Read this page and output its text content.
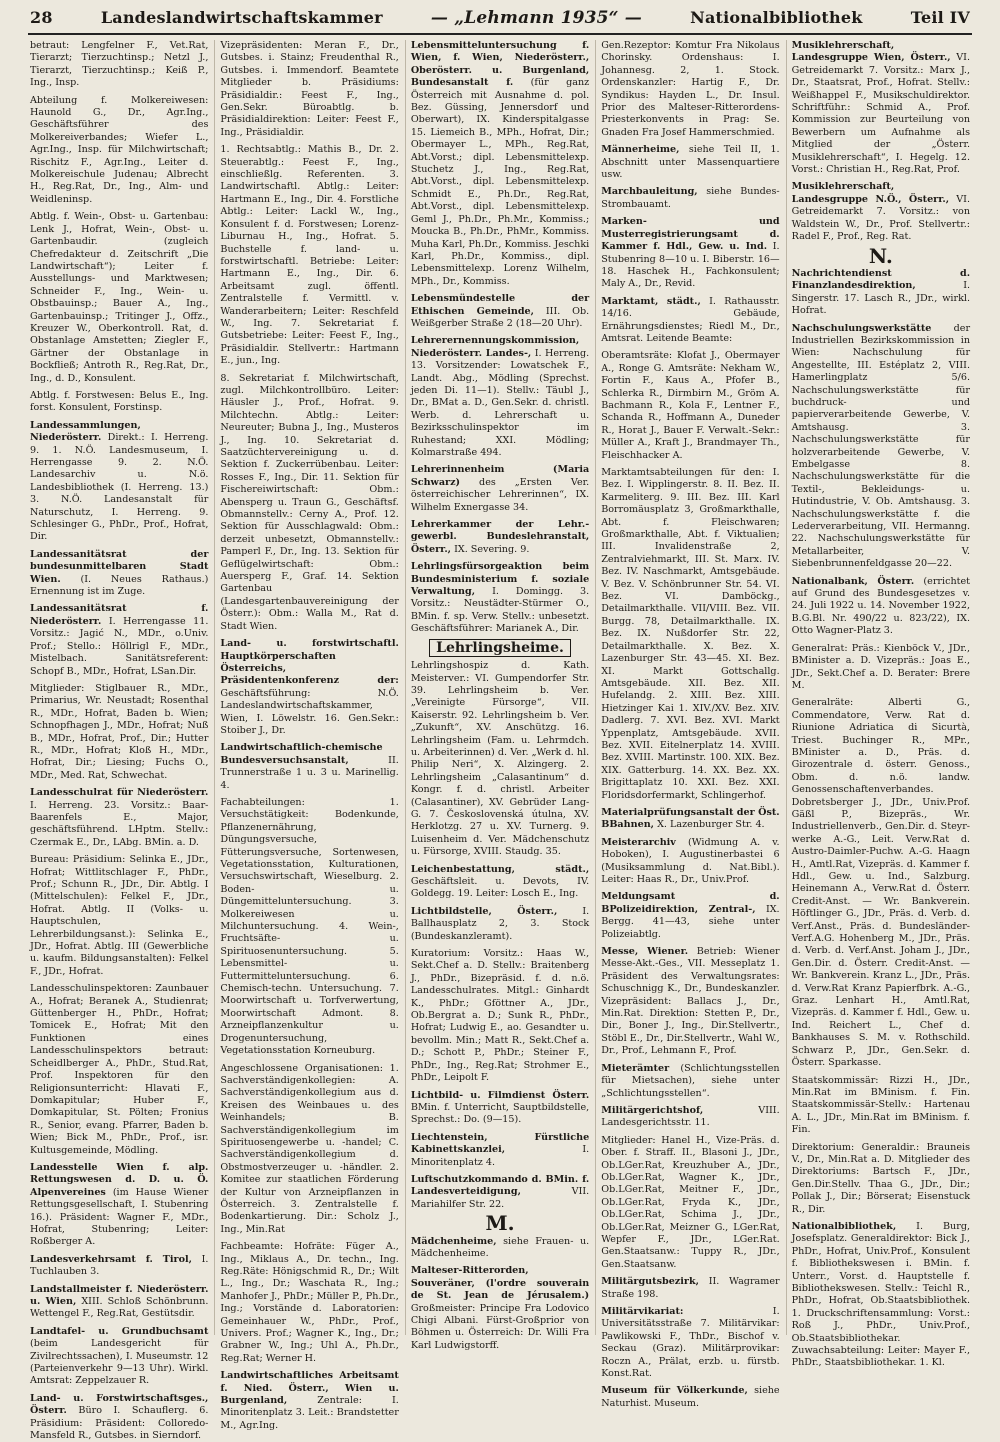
28	Landeslandwirtschaftskammer	— „Lehmann 1935“ —	Nationalbibliothek	Teil IV

betraut: Lengfelner F., Vet.Rat, Tierarzt; Tierzuchtinsp.; Netzl J., Tierarzt, Tierzuchtinsp.; Keiß P., Ing., Insp.

Abteilung f. Molkereiwesen: Haunold G., Dr., Agr.Ing., Geschäftsführer des Molkereiverbandes; Wiefer L., Agr.Ing., Insp. für Milchwirtschaft; Rischitz F., Agr.Ing., Leiter d. Molkereischule Judenau; Albrecht H., Reg.Rat, Dr., Ing., Alm- und Weidleninsp.

Abtlg. f. Wein-, Obst- u. Gartenbau: Lenk J., Hofrat, Wein-, Obst- u. Gartenbaudir. (zugleich Chefredakteur d. Zeitschrift „Die Landwirtschaft“); Leiter f. Ausstellungs- und Marktwesen; Schneider F., Ing., Wein- u. Obstbauinsp.; Bauer A., Ing., Gartenbauinsp.; Tritinger J., Offz., Kreuzer W., Oberkontroll. Rat, d. Obstanlage Amstetten; Ziegler F., Gärtner der Obstanlage in Bockfließ; Antroth R., Reg.Rat, Dr., Ing., d. D., Konsulent.

Abtlg. f. Forstwesen: Belus E., Ing. forst. Konsulent, Forstinsp.

Landessammlungen, Niederösterr. Direkt.: I. Herreng. 9. 1. N.Ö. Landesmuseum, I. Herrengasse 9. 2. N.Ö. Landesarchiv u. N.ö. Landesbibliothek (I. Herreng. 13.) 3. N.Ö. Landesanstalt für Naturschutz, I. Herreng. 9. Schlesinger G., PhDr., Prof., Hofrat, Dir.

Landessanitätsrat der bundesunmittelbaren Stadt Wien. (I. Neues Rathaus.) Ernennung ist im Zuge.

Landessanitätsrat f. Niederösterr. I. Herrengasse 11. Vorsitz.: Jagić N., MDr., o.Univ. Prof.; Stello.: Höllrigl F., MDr., Mistelbach. Sanitätsreferent: Schopf B., MDr., Hofrat, LSan.Dir.

Mitglieder: Stiglbauer R., MDr., Primarius, Wr. Neustadt; Rosenthal R., MDr., Hofrat, Baden b. Wien; Schnopfhagen J., MDr., Hofrat; Nuß B., MDr., Hofrat, Prof., Dir.; Hutter R., MDr., Hofrat; Kloß H., MDr., Hofrat, Dir.; Liesing; Fuchs O., MDr., Med. Rat, Schwechat.

Landesschulrat für Niederösterr. I. Herreng. 23. Vorsitz.: Baar-Baarenfels E., Major, geschäftsführend. LHptm. Stellv.: Czermak E., Dr., LAbg. BMin. a. D.

Bureau: Präsidium: Selinka E., JDr., Hofrat; Wittlitschlager F., PhDr., Prof.; Schunn R., JDr., Dir. Abtlg. I (Mittelschulen): Felkel F., JDr., Hofrat. Abtlg. II (Volks- u. Hauptschulen, Lehrerbildungsanst.): Selinka E., JDr., Hofrat. Abtlg. III (Gewerbliche u. kaufm. Bildungsanstalten): Felkel F., JDr., Hofrat.

Landesschulinspektoren: Zaunbauer A., Hofrat; Beranek A., Studienrat; Güttenberger H., PhDr., Hofrat; Tomicek E., Hofrat; Mit den Funktionen eines Landesschulinspektors betraut: Scheidlberger A., PhDr., Stud.Rat, Prof. Inspektoren für den Religionsunterricht: Hlavati F., Domkapitular; Huber F., Domkapitular, St. Pölten; Fronius R., Senior, evang. Pfarrer, Baden b. Wien; Bick M., PhDr., Prof., isr. Kultusgemeinde, Mödling.

Landesstelle Wien f. alp. Rettungswesen d. D. u. Ö. Alpenvereines (im Hause Wiener Rettungsgesellschaft, I. Stubenring 16.). Präsident: Wagner F., MDr., Hofrat, Stubenring; Leiter: Roßberger A.

Landesverkehrsamt f. Tirol, I. Tuchlauben 3.

Landstallmeister f. Niederösterr. u. Wien, XIII. Schloß Schönbrunn. Wettengel F., Reg.Rat, Gestütsdir.

Landtafel- u. Grundbuchsamt (beim Landesgericht für Zivilrechtssachen), I. Museumstr. 12 (Parteienverkehr 9—13 Uhr). Wirkl. Amtsrat: Zeppelzauer R.

Land- u. Forstwirtschaftsges., Österr. Büro I. Schauflerg. 6. Präsidium: Präsident: Colloredo-Mansfeld R., Gutsbes. in Sierndorf.

Vizepräsidenten: Meran F., Dr., Gutsbes. i. Stainz; Freudenthal R., Gutsbes. i. Immendorf. Beamtete Mitglieder b. Präsidiums: Präsidialdir.: Feest F., Ing., Gen.Sekr. Büroabtlg. b. Präsidialdirektion: Leiter: Feest F., Ing., Präsidialdir.

1. Rechtsabtlg.: Mathis B., Dr. 2. Steuerabtlg.: Feest F., Ing., einschließlg. Referenten. 3. Landwirtschaftl. Abtlg.: Leiter: Hartmann E., Ing., Dir. 4. Forstliche Abtlg.: Leiter: Lackl W., Ing., Konsulent f. d. Forstwesen; Lorenz-Liburnau H., Ing., Hofrat. 5. Buchstelle f. land- u. forstwirtschaftl. Betriebe: Leiter: Hartmann E., Ing., Dir. 6. Arbeitsamt zugl. öffentl. Zentralstelle f. Vermittl. v. Wanderarbeitern; Leiter: Reschfeld W., Ing. 7. Sekretariat f. Gutsbetriebe: Leiter: Feest F., Ing., Präsidialdir. Stellvertr.: Hartmann E., jun., Ing.

8. Sekretariat f. Milchwirtschaft, zugl. Milchkontrollbüro. Leiter: Häusler J., Prof., Hofrat. 9. Milchtechn. Abtlg.: Leiter: Neureuter; Bubna J., Ing., Musteros J., Ing. 10. Sekretariat d. Saatzüchtervereinigung u. d. Sektion f. Zuckerrübenbau. Leiter: Rosses F., Ing., Dir. 11. Sektion für Fischereiwirtschaft: Obm.: Abensperg u. Traun G., Geschäftsf. Obmannstellv.: Cerny A., Prof. 12. Sektion für Ausschlagwald: Obm.: derzeit unbesetzt, Obmannstellv.: Pamperl F., Dr., Ing. 13. Sektion für Geflügelwirtschaft: Obm.: Auersperg F., Graf. 14. Sektion Gartenbau (Landesgartenbauvereinigung der Österr.): Obm.: Walla M., Rat d. Stadt Wien.

Land- u. forstwirtschaftl. Hauptkörperschaften Österreichs, Präsidentenkonferenz der: Geschäftsführung: N.Ö. Landeslandwirtschaftskammer, Wien, I. Löwelstr. 16. Gen.Sekr.: Stoiber J., Dr.

Landwirtschaftlich-chemische Bundesversuchsanstalt,	II. Trunnerstraße 1 u. 3 u. Marinellig. 4.

Fachabteilungen: 1. Versuchstätigkeit: Bodenkunde, Pflanzenernährung, Düngungsversuche, Fütterungsversuche, Sortenwesen, Vegetationsstation, Kulturationen, Versuchswirtschaft, Wieselburg. 2. Boden- u. Düngemitteluntersuchung. 3. Molkereiwesen u. Milchuntersuchung. 4. Wein-, Fruchtsäfte- u. Spirituosenuntersuchung. 5. Lebensmittel- u. Futtermitteluntersuchung. 6. Chemisch-techn. Untersuchung. 7. Moorwirtschaft u. Torfverwertung, Moorwirtschaft Admont. 8. Arzneipflanzenkultur u. Drogenuntersuchung, Vegetationsstation Korneuburg.

Angeschlossene Organisationen: 1. Sachverständigenkollegien: A. Sachverständigenkollegium aus d. Kreisen des Weinbaues u. des Weinhandels; B. Sachverständigenkollegium im Spirituosengewerbe u. -handel; C. Sachverständigenkollegium d. Obstmostverzeuger u. -händler. 2. Komitee zur staatlichen Förderung der Kultur von Arzneipflanzen in Österreich. 3. Zentralstelle f. Bodenkartierung. Dir.: Scholz J., Ing., Min.Rat

Fachbeamte: Hofräte: Füger A., Ing., Miklaus A., Dr. techn., Ing. Reg.Räte: Hönigschmid R., Dr.; Wilt L., Ing., Dr.; Waschata R., Ing.; Manhofer J., PhDr.; Müller P., Ph.Dr., Ing.; Vorstände d. Laboratorien: Gemeinhauer W., PhDr., Prof., Univers. Prof.; Wagner K., Ing., Dr.; Grabner W., Ing.; Uhl A., Ph.Dr., Reg.Rat; Werner H.

Landwirtschaftliches Arbeitsamt f. Nied. Österr., Wien u. Burgenland,	Zentrale: I. Minoritenplatz 3. Leit.: Brandstetter M., Agr.Ing.

Lebensmitteluntersuchung f. Wien, f. Wien, Niederösterr., Oberösterr. u. Burgenland, Bundesanstalt f. (für ganz Österreich mit Ausnahme d. pol. Bez. Güssing, Jennersdorf und Oberwart), IX. Kinderspitalgasse 15. Liemeich B., MPh., Hofrat, Dir.; Obermayer L., MPh., Reg.Rat, Abt.Vorst.; dipl. Lebensmittelexp. Stuchetz J., Ing., Reg.Rat, Abt.Vorst., dipl. Lebensmittelexp. Schmidt E., Ph.Dr., Reg.Rat, Abt.Vorst., dipl. Lebensmittelexp. Geml J., Ph.Dr., Ph.Mr., Kommiss.; Moucka B., Ph.Dr., PhMr., Kommiss. Muha Karl, Ph.Dr., Kommiss. Jeschki Karl, Ph.Dr., Kommiss., dipl. Lebensmittelexp. Lorenz Wilhelm, MPh., Dr., Kommiss.

Lebensmündestelle der Ethischen Gemeinde, III. Ob. Weißgerber Straße 2 (18—20 Uhr).

Lehrerernennungskommission, Niederösterr. Landes-, I. Herreng. 13. Vorsitzender: Lowatschek F., Landt. Abg., Mödling (Sprechst. jeden Di. 11—1). Stellv.: Täubl J., Dr., BMat a. D., Gen.Sekr. d. christl. Werb. d. Lehrerschaft u. Bezirksschulinspektor im Ruhestand; XXI. Mödling; Kolmarstraße 494.

Lehrerinnenheim (Maria Schwarz) des „Ersten Ver. österreichischer Lehrerinnen“, IX. Wilhelm Exnergasse 34.

Lehrerkammer der Lehr.-gewerbl. Bundeslehranstalt, Österr., IX. Severing. 9.

Lehrlingsfürsorgeaktion beim Bundesministerium f. soziale Verwaltung, I. Domingg. 3. Vorsitz.: Neustädter-Stürmer O., BMin. f. sp. Verw. Stellv.: unbesetzt. Geschäftsführer: Marianek A., Dir.

Lehrlingsheime.

Lehrlingshospiz d. Kath. Meisterver.: VI. Gumpendorfer Str. 39. Lehrlingsheim b. Ver. „Vereinigte Fürsorge“, VII. Kaiserstr. 92. Lehrlingsheim b. Ver. „Zukunft“, XV. Anschützg. 16. Lehrlingsheim (Fam. u. Lehrmdch. u. Arbeiterinnen) d. Ver. „Werk d. hl. Philip Neri“, X. Alzingerg. 2. Lehrlingsheim „Calasantinum“ d. Kongr. f. d. christl. Arbeiter (Calasantiner), XV. Gebrüder Lang-G. 7. Československá útulna, XV. Herklotzg. 27 u. XV. Turnerg. 9. Luisenheim d. Ver. Mädchenschutz u. Fürsorge, XVIII. Staudg. 35.

Leichenbestattung, städt., Geschäftsleit. u. Devots, IV. Goldegg. 19. Leiter: Losch E., Ing.

Lichtbildstelle, Österr.,	I. Ballhausplatz 2, 3. Stock (Bundeskanzleramt).

Kuratorium: Vorsitz.: Haas W., Sekt.Chef a. D. Stellv.: Braitenberg J., PhDr., Bizepräsid. f. d. n.ö. Landesschulrates. Mitgl.: Ginhardt K., PhDr.; Gföttner A., JDr., Ob.Bergrat a. D.; Sunk R., PhDr., Hofrat; Ludwig E., ao. Gesandter u. bevollm. Min.; Matt R., Sekt.Chef a. D.; Schott P., PhDr.; Steiner F., PhDr., Ing., Reg.Rat; Strohmer E., PhDr., Leipolt F.

Lichtbild- u. Filmdienst Österr. BMin. f. Unterricht, Sauptbildstelle, Sprechst.: Do. (9—15).

Liechtenstein, Fürstliche Kabinettskanzlei,	I. Minoritenplatz 4.

Luftschutzkommando d. BMin. f. Landesverteidigung,	VII. Mariahilfer Str. 22.

M.

Mädchenheime, siehe Frauen- u. Mädchenheime.

Malteser-Ritterorden, Souveräner, (l'ordre souverain de St. Jean de Jérusalem.) Großmeister: Principe Fra Lodovico Chigi Albani. Fürst-Großprior von Böhmen u. Österreich: Dr. Willi Fra Karl Ludwigstorff.

Gen.Rezeptor: Komtur Fra Nikolaus Chorinsky. Ordenshaus: I. Johannesg. 2, 1. Stock. Ordenskanzler: Hartig F., Dr. Syndikus: Hayden L., Dr. Insul. Prior des Malteser-Ritterordens-Priesterkonvents in Prag: Se. Gnaden Fra Josef Hammerschmied.

Männerheime, siehe Teil II, 1. Abschnitt unter Massenquartiere usw.

Marchbauleitung, siehe Bundes-Strombauamt.

Marken- und Musterregistrierungsamt d. Kammer f. Hdl., Gew. u. Ind. I. Stubenring 8—10 u. I. Biberstr. 16—18. Haschek H., Fachkonsulent; Maly A., Dr., Revid.

Marktamt, städt., I. Rathausstr. 14/16. Gebäude, Ernährungsdienstes; Riedl M., Dr., Amtsrat. Leitende Beamte:

Oberamtsräte: Klofat J., Obermayer A., Ronge G. Amtsräte: Nekham W., Fortin F., Kaus A., Pfofer B., Schlerka R., Dirmbirn M., Gröm A. Bachmann R., Kola F., Lentner F., Schanda R., Hoffmann A., Duneder R., Horat J., Bauer F. Verwalt.-Sekr.: Müller A., Kraft J., Brandmayer Th., Fleischhacker A.

Marktamtsabteilungen für den: I. Bez. I. Wipplingerstr. 8. II. Bez. II. Karmeliterg. 9. III. Bez. III. Karl Borromäusplatz 3, Großmarkthalle, Abt. f. Fleischwaren; Großmarkthalle, Abt. f. Viktualien; III. Invalidenstraße 2, Zentralviehmarkt, III. St. Marx. IV. Bez. IV. Naschmarkt, Amtsgebäude. V. Bez. V. Schönbrunner Str. 54. VI. Bez. VI. Damböckg., Detailmarkthalle. VII/VIII. Bez. VII. Burgg. 78, Detailmarkthalle. IX. Bez. IX. Nußdorfer Str. 22, Detailmarkthalle. X. Bez. X. Lazenburger Str. 43—45. XI. Bez. XI. Markt Gottschallg. Amtsgebäude. XII. Bez. XII. Hufelandg. 2. XIII. Bez. XIII. Hietzinger Kai 1. XIV./XV. Bez. XIV. Dadlerg. 7. XVI. Bez. XVI. Markt Yppenplatz, Amtsgebäude. XVII. Bez. XVII. Eitelnerplatz 14. XVIII. Bez. XVIII. Martinstr. 100. XIX. Bez. XIX. Gatterburg. 14. XX. Bez. XX. Brigittaplatz 10. XXI. Bez. XXI. Floridsdorfermarkt, Schlingerhof.

Materialprüfungsanstalt der Öst. BBahnen, X. Lazenburger Str. 4.

Meisterarchiv (Widmung A. v. Hoboken), I. Augustinerbastei 6 (Musiksammlung d. Nat.Bibl.). Leiter: Haas R., Dr., Univ.Prof.

Meldungsamt d. BPolizeidirektion, Zentral-, IX. Bergg. 41—43, siehe unter Polizeiabtlg.

Messe, Wiener. Betrieb: Wiener Messe-Akt.-Ges., VII. Messeplatz 1. Präsident des Verwaltungsrates: Schuschnigg K., Dr., Bundeskanzler. Vizepräsident: Ballacs J., Dr., Min.Rat. Direktion: Stetten P., Dr., Dir., Boner J., Ing., Dir.Stellvertr., Stöbl E., Dr., Dir.Stellvertr., Wahl W., Dr., Prof., Lehmann F., Prof.

Mieterämter (Schlichtungsstellen für Mietsachen), siehe unter „Schlichtungsstellen“.

Militärgerichtshof,	VIII. Landesgerichtsstr. 11.

Mitglieder: Hanel H., Vize-Präs. d. Ober. f. Straff. II., Blasoni J., JDr., Ob.LGer.Rat, Kreuzhuber A., JDr., Ob.LGer.Rat, Wagner K., JDr., Ob.LGer.Rat, Meitner F., JDr., Ob.LGer.Rat, Fryda K., JDr., Ob.LGer.Rat, Schima J., JDr., Ob.LGer.Rat, Meizner G., LGer.Rat, Wepfer F., JDr., LGer.Rat. Gen.Staatsanw.: Tuppy R., JDr., Gen.Staatsanw.

Militärgutsbezirk, II. Wagramer Straße 198.

Militärvikariat:	I. Universitätsstraße 7. Militärvikar: Pawlikowski F., ThDr., Bischof v. Seckau (Graz). Militärprovikar: Roczn A., Prälat, erzb. u. fürstb. Konst.Rat.

Museum für Völkerkunde, siehe Naturhist. Museum.

Musiklehrerschaft, Landesgruppe Wien, Österr., VI. Getreidemarkt 7. Vorsitz.: Marx J., Dr., Staatsrat, Prof., Hofrat. Stellv.: Weißhappel F., Musikschuldirektor. Schriftführ.: Schmid A., Prof. Kommission zur Beurteilung von Bewerbern um Aufnahme als Mitglied der „Österr. Musiklehrerschaft“, I. Hegelg. 12. Vorst.: Christian H., Reg.Rat, Prof.

Musiklehrerschaft, Landesgruppe N.Ö., Österr., VI. Getreidemarkt 7. Vorsitz.: von Waldstein W., Dr., Prof. Stellvertr.: Radel F., Prof., Reg. Rat.

N.

Nachrichtendienst d. Finanzlandesdirektion,	I. Singerstr. 17. Lasch R., JDr., wirkl. Hofrat.

Nachschulungswerkstätte der Industriellen Bezirkskommission in Wien: Nachschulung für Angestellte, III. Estéplatz 2, VIII. Hamerlingplatz 5/6. Nachschulungswerkstätte für buchdruck- und papierverarbeitende Gewerbe, V. Amtshausg. 3. Nachschulungswerkstätte für holzverarbeitende Gewerbe, V. Embelgasse 8. Nachschulungswerkstätte für die Textil-, Bekleidungs- u. Hutindustrie, V. Ob. Amtshausg. 3. Nachschulungswerkstätte f. die Lederverarbeitung, VII. Hermanng. 22. Nachschulungswerkstätte für Metallarbeiter, V. Siebenbrunnenfeldgasse 20—22.

Nationalbank, Österr. (errichtet auf Grund des Bundesgesetzes v. 24. Juli 1922 u. 14. November 1922, B.G.Bl. Nr. 490/22 u. 823/22), IX. Otto Wagner-Platz 3.

Generalrat: Präs.: Kienböck V., JDr., BMinister a. D. Vizepräs.: Joas E., JDr., Sekt.Chef a. D. Berater: Brere M.

Generalräte: Alberti G., Commendatore, Verw. Rat d. Riunione Adriatica di Sicurtà, Triest. Buchinger R., MPr., BMinister a. D., Präs. d. Girozentrale d. österr. Genoss., Obm. d. n.ö. landw. Genossenschaftenverbandes. Dobretsberger J., JDr., Univ.Prof. Gäßl P., Bizepräs., Wr. Industriellenverb., Gen.Dir. d. Steyr-werke A.-G., Leit. Verw.Rat d. Austro-Daimler-Puchw. A.-G. Haagn H., Amtl.Rat, Vizepräs. d. Kammer f. Hdl., Gew. u. Ind., Salzburg. Heinemann A., Verw.Rat d. Österr. Credit-Anst. — Wr. Bankverein. Höftlinger G., JDr., Präs. d. Verb. d. Verf.Anst., Präs. d. Bundesländer-Verf.A.G. Hohenberg M., JDr., Präs. d. Verb. d. Verf.Anst. Joham J., JDr., Gen.Dir. d. Österr. Credit-Anst. — Wr. Bankverein. Kranz L., JDr., Präs. d. Verw.Rat Kranz Papierfbrk. A.-G., Graz. Lenhart H., Amtl.Rat, Vizepräs. d. Kammer f. Hdl., Gew. u. Ind. Reichert L., Chef d. Bankhauses S. M. v. Rothschild. Schwarz P., JDr., Gen.Sekr. d. Österr. Sparkasse.

Staatskommissär: Rizzi H., JDr., Min.Rat im BMinism. f. Fin. Staatskommissär-Stellv.: Hartenau A. L., JDr., Min.Rat im BMinism. f. Fin.

Direktorium: Generaldir.: Brauneis V., Dr., Min.Rat a. D. Mitglieder des Direktoriums: Bartsch F., JDr., Gen.Dir.Stellv. Thaa G., JDr., Dir.; Pollak J., Dir.; Börserat; Eisenstuck R., Dir.

Nationalbibliothek, I. Burg, Josefsplatz. Generaldirektor: Bick J., PhDr., Hofrat, Univ.Prof., Konsulent f. Bibliothekswesen i. BMin. f. Unterr., Vorst. d. Hauptstelle f. Bibliothekswesen. Stellv.: Teichl R., PhDr., Hofrat, Ob.Staatsbibliothek. 1. Druckschriftensammlung: Vorst.: Roß J., PhDr., Univ.Prof., Ob.Staatsbibliothekar. Zuwachsabteilung: Leiter: Mayer F., PhDr., Staatsbibliothekar. 1. Kl.
